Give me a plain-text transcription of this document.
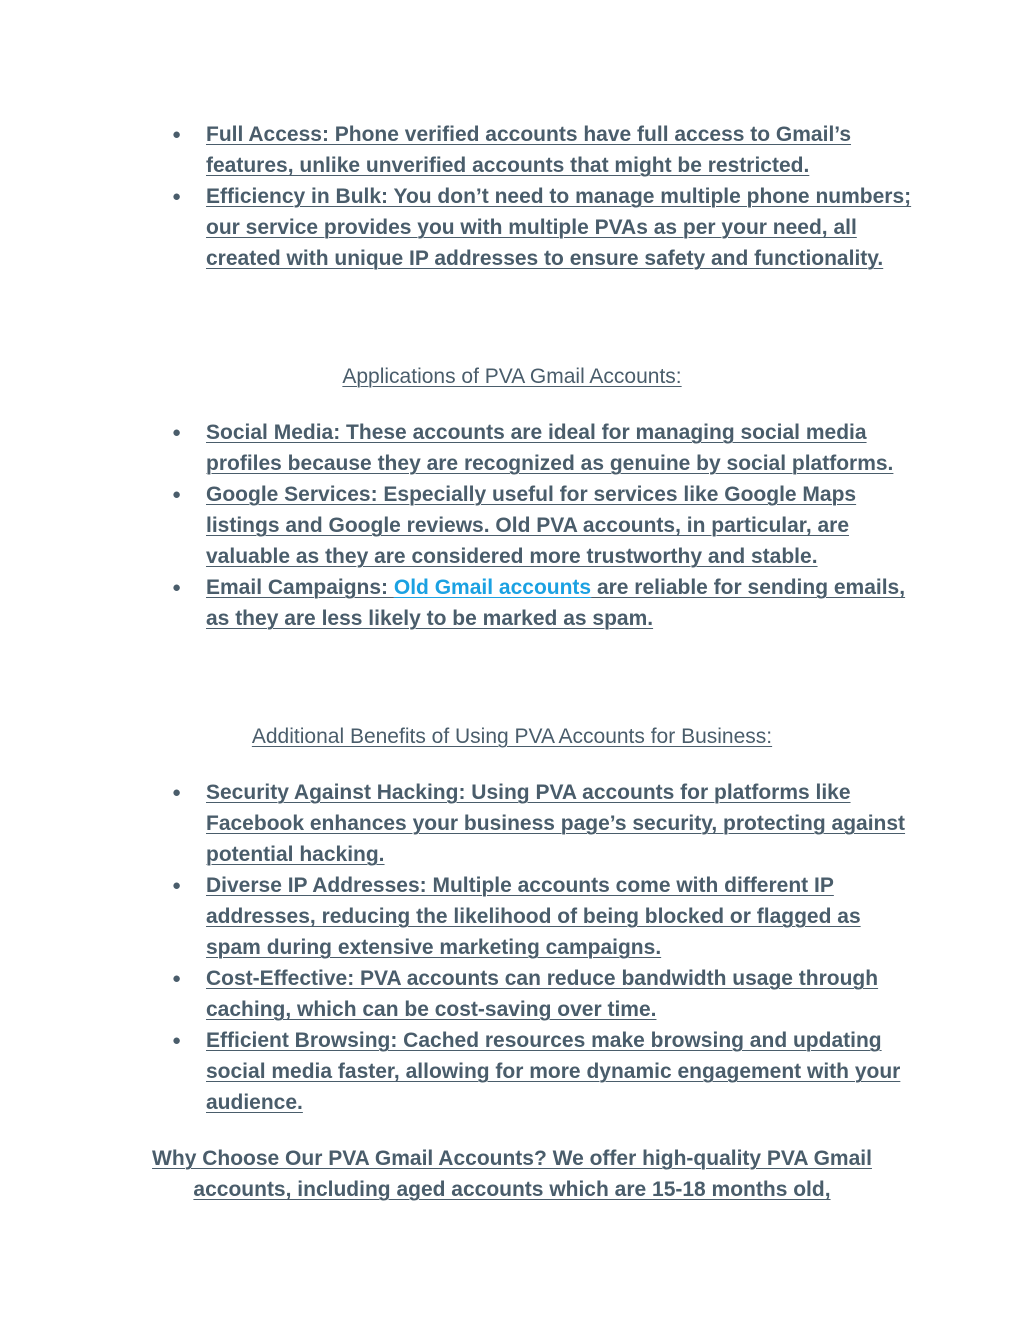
● Full Access: Phone verified accounts have full access to Gmail’s features, unlike unverified accounts that might be restricted.
● Efficiency in Bulk: You don’t need to manage multiple phone numbers; our service provides you with multiple PVAs as per your need, all created with unique IP addresses to ensure safety and functionality.
Applications of PVA Gmail Accounts:
● Social Media: These accounts are ideal for managing social media profiles because they are recognized as genuine by social platforms.
● Google Services: Especially useful for services like Google Maps listings and Google reviews. Old PVA accounts, in particular, are valuable as they are considered more trustworthy and stable.
● Email Campaigns: Old Gmail accounts are reliable for sending emails, as they are less likely to be marked as spam.
Additional Benefits of Using PVA Accounts for Business:
● Security Against Hacking: Using PVA accounts for platforms like Facebook enhances your business page’s security, protecting against potential hacking.
● Diverse IP Addresses: Multiple accounts come with different IP addresses, reducing the likelihood of being blocked or flagged as spam during extensive marketing campaigns.
● Cost-Effective: PVA accounts can reduce bandwidth usage through caching, which can be cost-saving over time.
● Efficient Browsing: Cached resources make browsing and updating social media faster, allowing for more dynamic engagement with your audience.
Why Choose Our PVA Gmail Accounts? We offer high-quality PVA Gmail accounts, including aged accounts which are 15-18 months old,
